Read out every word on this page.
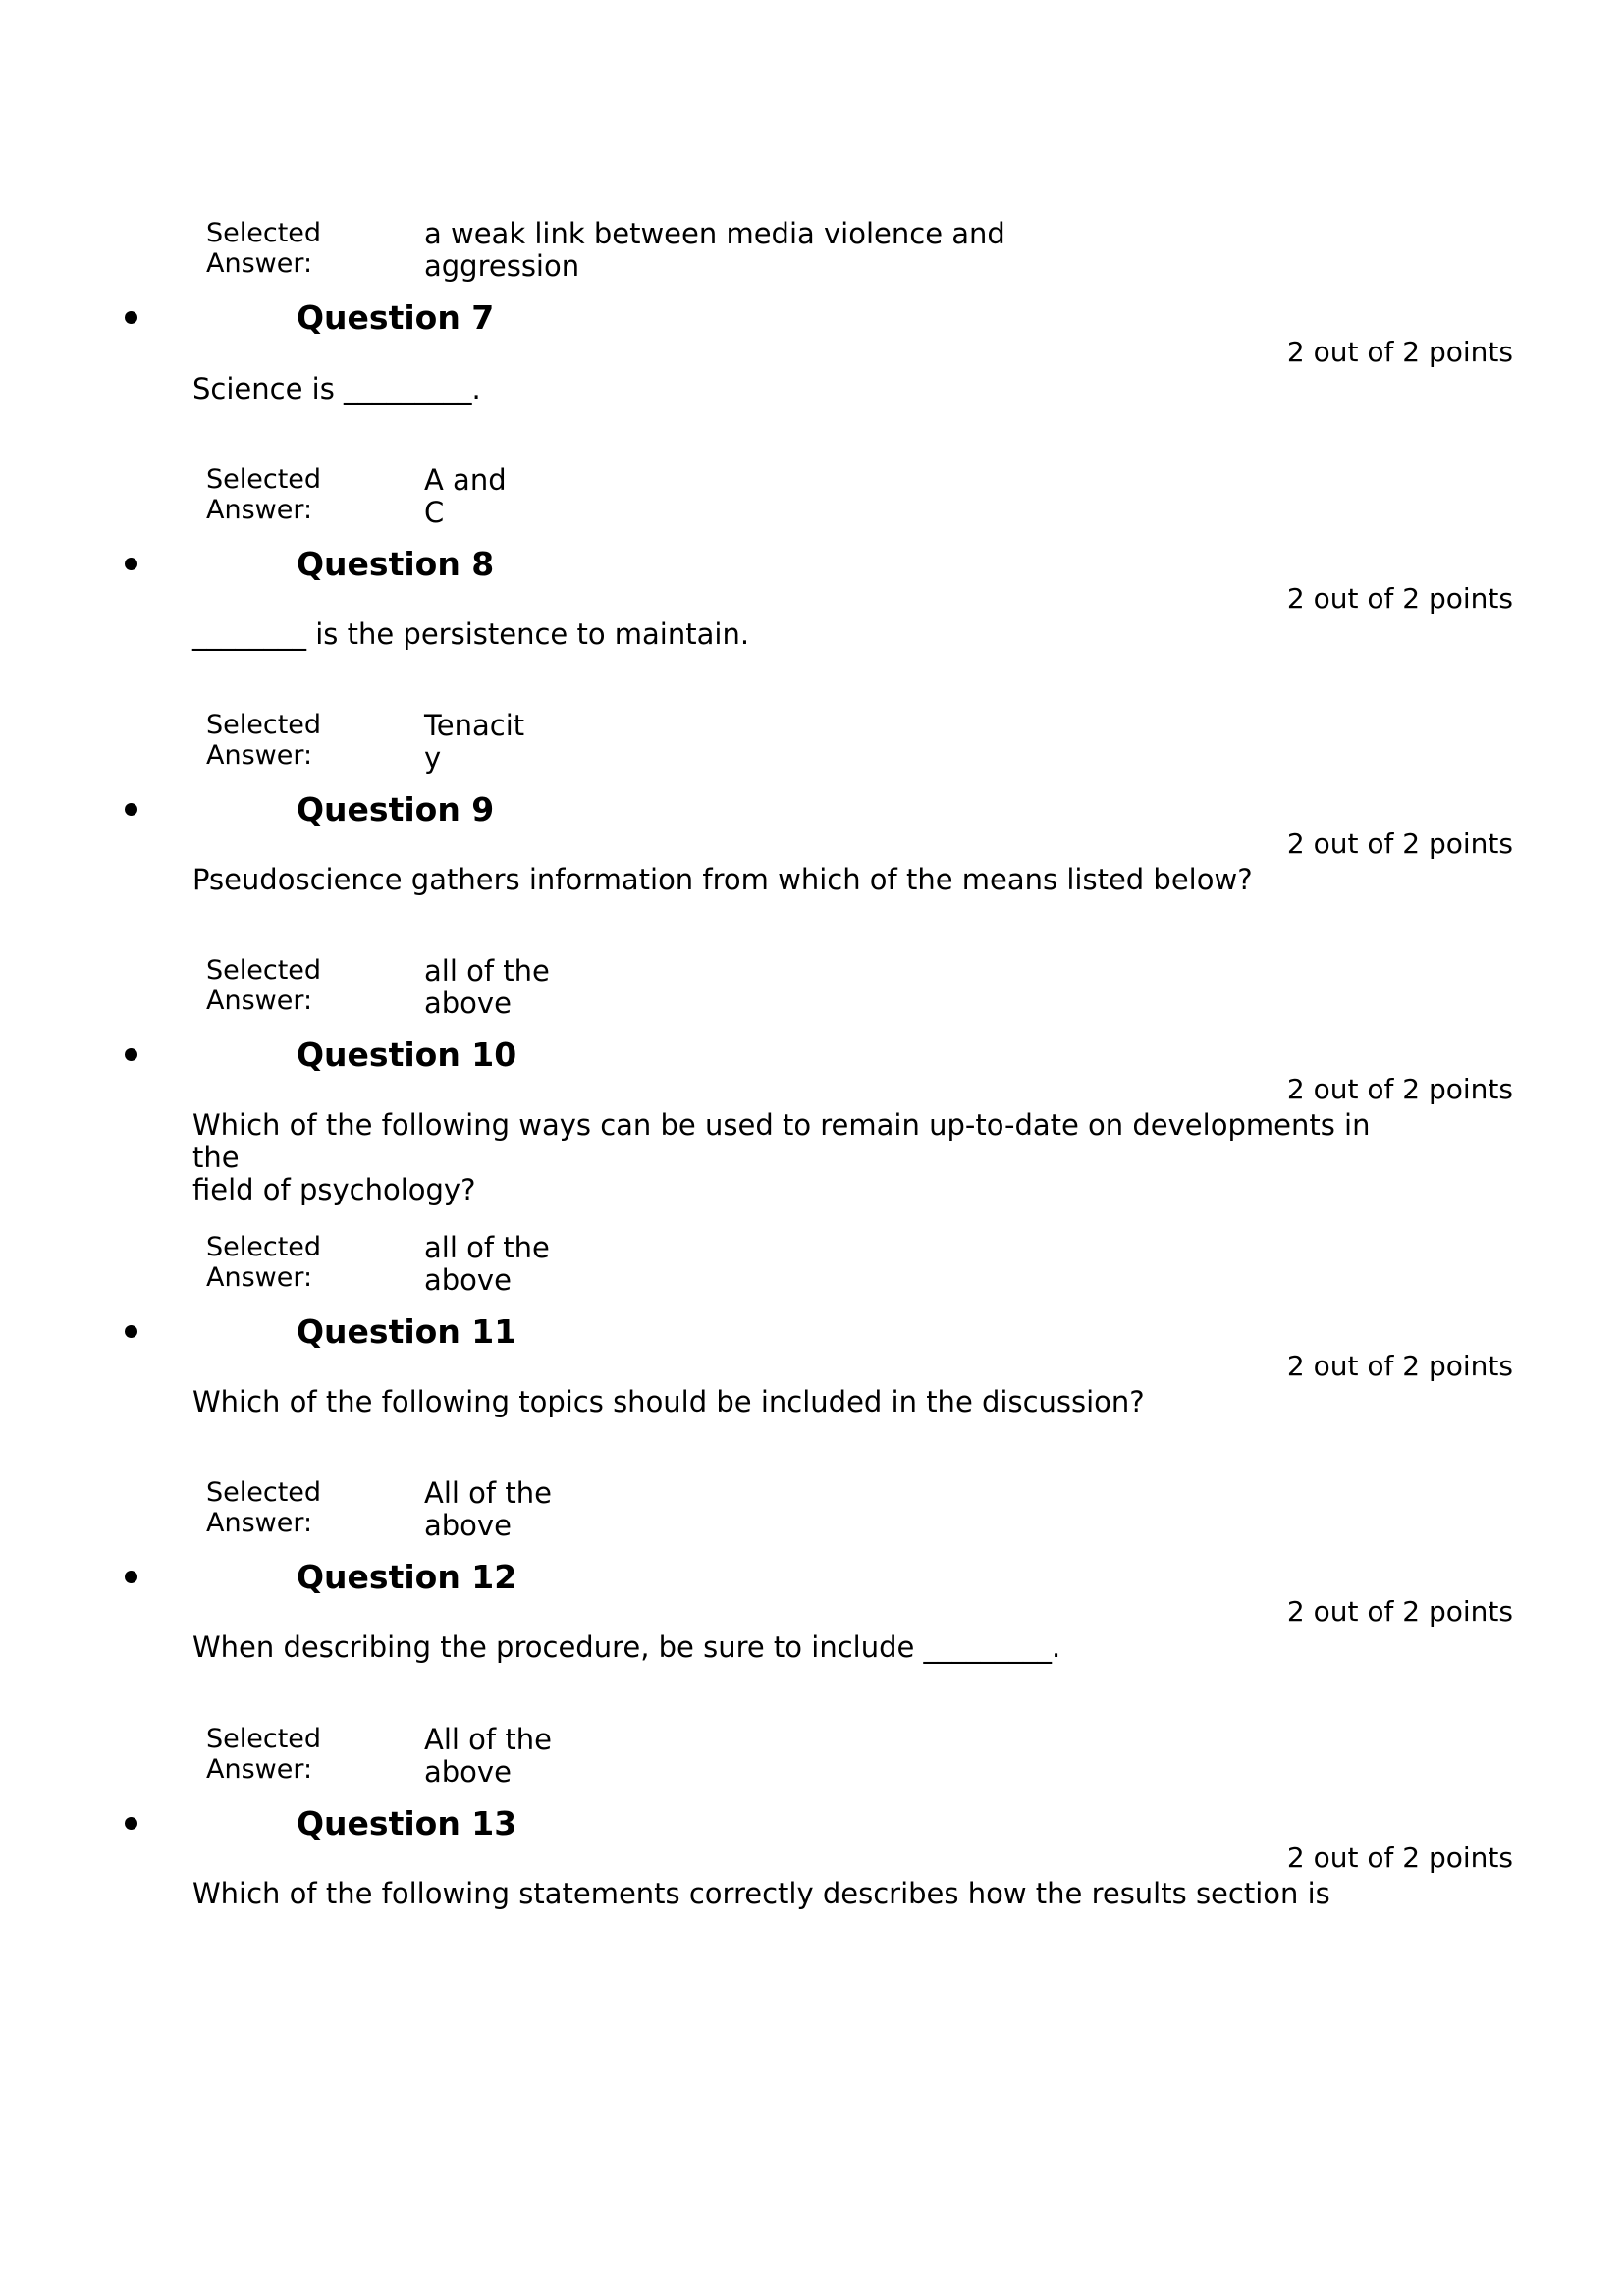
Selected
Answer:
a weak link between media violence and
aggression
Question 7
2 out of 2 points
Science is _________.
Selected
Answer:
A and
C
Question 8
2 out of 2 points
________ is the persistence to maintain.
Selected
Answer:
Tenacit
y
Question 9
2 out of 2 points
Pseudoscience gathers information from which of the means listed below?
Selected
Answer:
all of the
above
Question 10
2 out of 2 points
Which of the following ways can be used to remain up-to-date on developments in the
field of psychology?
Selected
Answer:
all of the
above
Question 11
2 out of 2 points
Which of the following topics should be included in the discussion?
Selected
Answer:
All of the
above
Question 12
2 out of 2 points
When describing the procedure, be sure to include _________.
Selected
Answer:
All of the
above
Question 13
2 out of 2 points
Which of the following statements correctly describes how the results section is
